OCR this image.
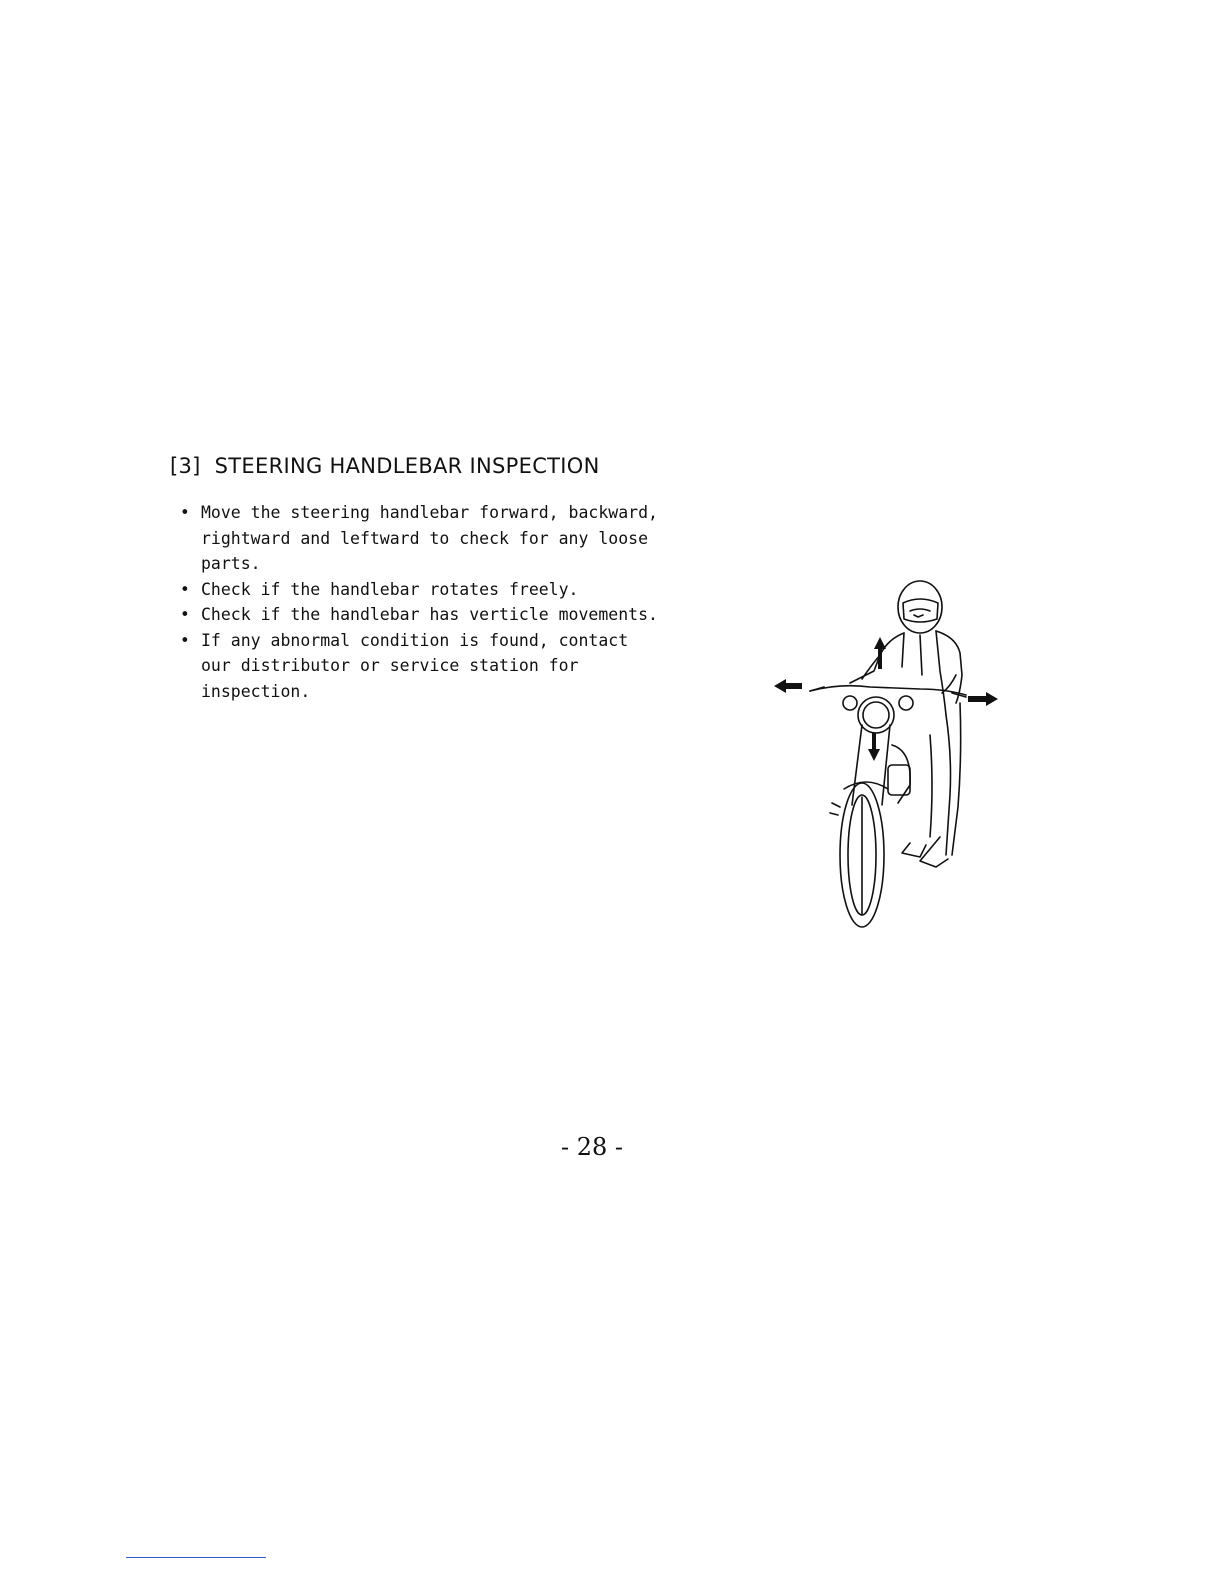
[3] STEERING HANDLEBAR INSPECTION
• Move the steering handlebar forward, backward,
rightward and leftward to check for any loose
parts.
• Check if the handlebar rotates freely.
• Check if the handlebar has verticle movements.
• If any abnormal condition is found, contact
our distributor or service station for
inspection.
- 28 -
